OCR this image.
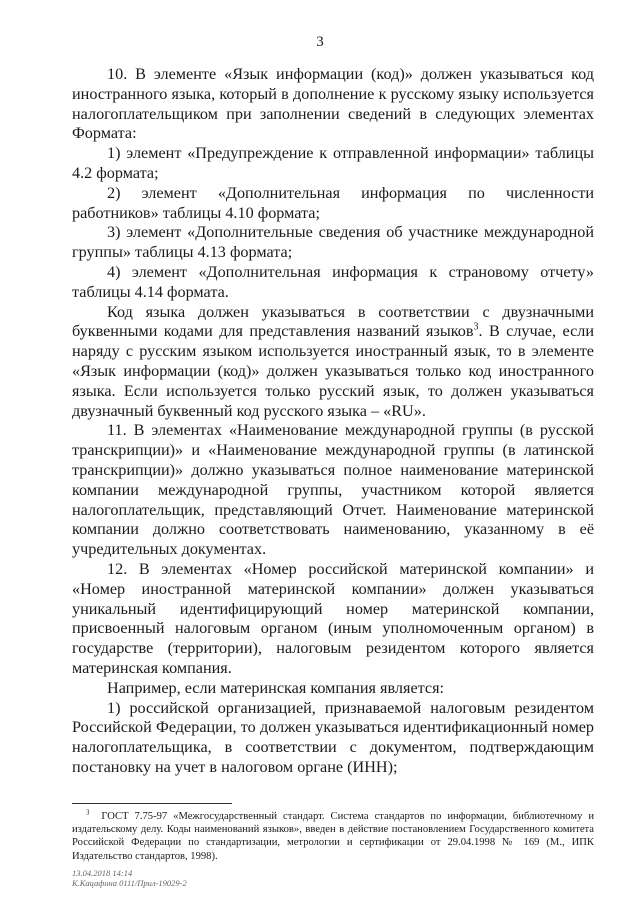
3

10. В элементе «Язык информации (код)» должен указываться код иностранного языка, который в дополнение к русскому языку используется налогоплательщиком при заполнении сведений в следующих элементах Формата:

1) элемент «Предупреждение к отправленной информации» таблицы 4.2 формата;

2) элемент «Дополнительная информация по численности работников» таблицы 4.10 формата;

3) элемент «Дополнительные сведения об участнике международной группы» таблицы 4.13 формата;

4) элемент «Дополнительная информация к страновому отчету» таблицы 4.14 формата.

Код языка должен указываться в соответствии с двузначными буквенными кодами для представления названий языков$^3$. В случае, если наряду с русским языком используется иностранный язык, то в элементе «Язык информации (код)» должен указываться только код иностранного языка. Если используется только русский язык, то должен указываться двузначный буквенный код русского языка – «RU».

11. В элементах «Наименование международной группы (в русской транскрипции)» и «Наименование международной группы (в латинской транскрипции)» должно указываться полное наименование материнской компании международной группы, участником которой является налогоплательщик, представляющий Отчет. Наименование материнской компании должно соответствовать наименованию, указанному в её учредительных документах.

12. В элементах «Номер российской материнской компании» и «Номер иностранной материнской компании» должен указываться уникальный идентифицирующий номер материнской компании, присвоенный налоговым органом (иным уполномоченным органом) в государстве (территории), налоговым резидентом которого является материнская компания.

Например, если материнская компания является:

1) российской организацией, признаваемой налоговым резидентом Российской Федерации, то должен указываться идентификационный номер налогоплательщика, в соответствии с документом, подтверждающим постановку на учет в налоговом органе (ИНН);

$^3$ ГОСТ 7.75-97 «Межгосударственный стандарт. Система стандартов по информации, библиотечному и издательскому делу. Коды наименований языков», введен в действие постановлением Государственного комитета Российской Федерации по стандартизации, метрологии и сертификации от 29.04.1998 № 169 (М., ИПК Издательство стандартов, 1998).

13.04.2018 14:14
К.Кацафина 0111/Прил-19029-2
